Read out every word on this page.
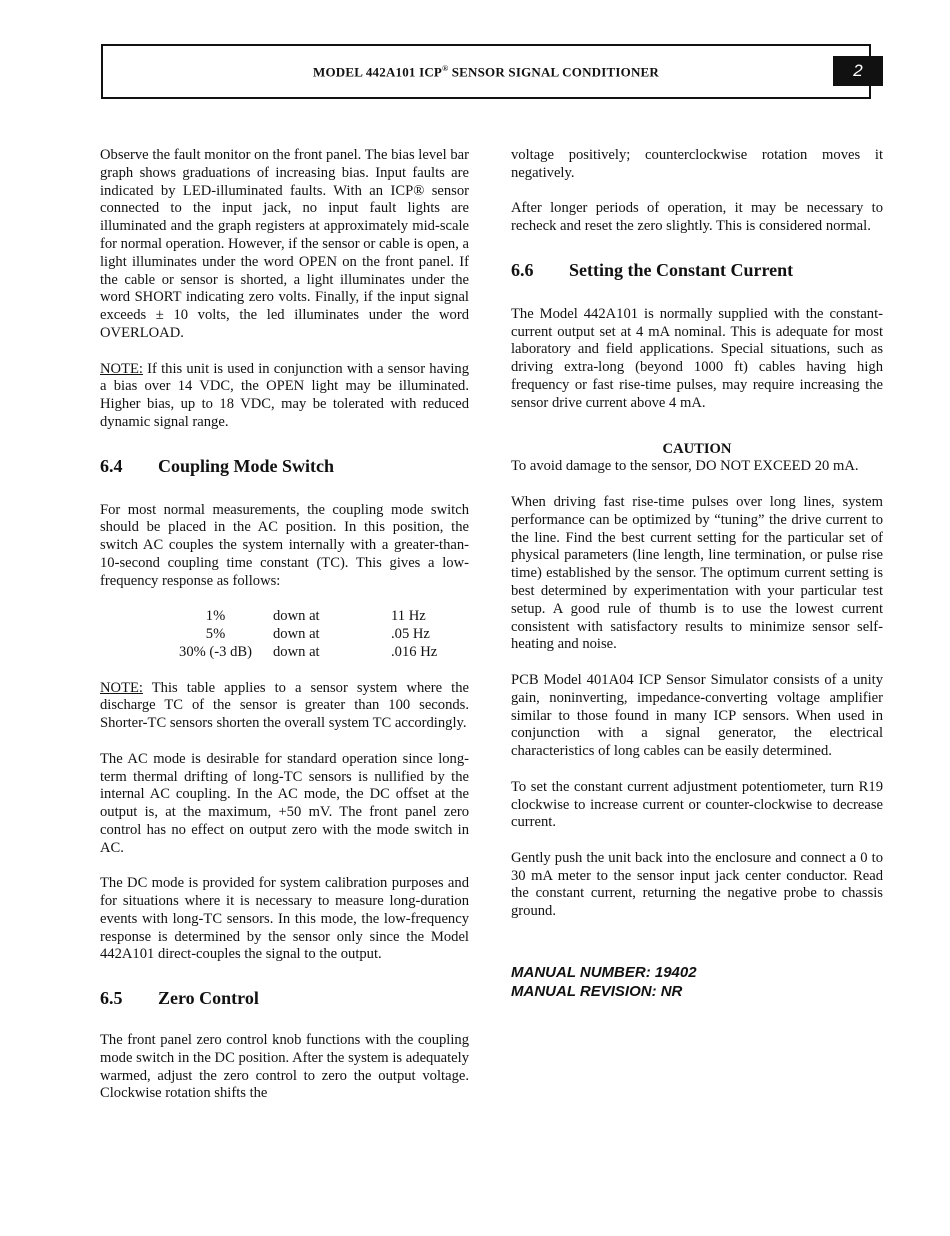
MODEL 442A101 ICP® SENSOR SIGNAL CONDITIONER	2

Observe the fault monitor on the front panel. The bias level bar graph shows graduations of increasing bias. Input faults are indicated by LED-illuminated faults. With an ICP® sensor connected to the input jack, no input fault lights are illuminated and the graph registers at approximately mid-scale for normal operation. However, if the sensor or cable is open, a light illuminates under the word OPEN on the front panel. If the cable or sensor is shorted, a light illuminates under the word SHORT indicating zero volts. Finally, if the input signal exceeds ± 10 volts, the led illuminates under the word OVERLOAD.

NOTE: If this unit is used in conjunction with a sensor having a bias over 14 VDC, the OPEN light may be illuminated. Higher bias, up to 18 VDC, may be tolerated with reduced dynamic signal range.

6.4	Coupling Mode Switch

For most normal measurements, the coupling mode switch should be placed in the AC position. In this position, the switch AC couples the system internally with a greater-than-10-second coupling time constant (TC). This gives a low-frequency response as follows:

1%	down at	11 Hz
5%	down at	.05 Hz
30% (-3 dB)	down at	.016 Hz

NOTE: This table applies to a sensor system where the discharge TC of the sensor is greater than 100 seconds. Shorter-TC sensors shorten the overall system TC accordingly.

The AC mode is desirable for standard operation since long-term thermal drifting of long-TC sensors is nullified by the internal AC coupling. In the AC mode, the DC offset at the output is, at the maximum, +50 mV. The front panel zero control has no effect on output zero with the mode switch in AC.

The DC mode is provided for system calibration purposes and for situations where it is necessary to measure long-duration events with long-TC sensors. In this mode, the low-frequency response is determined by the sensor only since the Model 442A101 direct-couples the signal to the output.

6.5	Zero Control

The front panel zero control knob functions with the coupling mode switch in the DC position. After the system is adequately warmed, adjust the zero control to zero the output voltage. Clockwise rotation shifts the

voltage positively; counterclockwise rotation moves it negatively.

After longer periods of operation, it may be necessary to recheck and reset the zero slightly. This is considered normal.

6.6	Setting the Constant Current

The Model 442A101 is normally supplied with the constant-current output set at 4 mA nominal. This is adequate for most laboratory and field applications. Special situations, such as driving extra-long (beyond 1000 ft) cables having high frequency or fast rise-time pulses, may require increasing the sensor drive current above 4 mA.

CAUTION

To avoid damage to the sensor, DO NOT EXCEED 20 mA.

When driving fast rise-time pulses over long lines, system performance can be optimized by “tuning” the drive current to the line. Find the best current setting for the particular set of physical parameters (line length, line termination, or pulse rise time) established by the sensor. The optimum current setting is best determined by experimentation with your particular test setup. A good rule of thumb is to use the lowest current consistent with satisfactory results to minimize sensor self-heating and noise.

PCB Model 401A04 ICP Sensor Simulator consists of a unity gain, noninverting, impedance-converting voltage amplifier similar to those found in many ICP sensors. When used in conjunction with a signal generator, the electrical characteristics of long cables can be easily determined.

To set the constant current adjustment potentiometer, turn R19 clockwise to increase current or counter-clockwise to decrease current.

Gently push the unit back into the enclosure and connect a 0 to 30 mA meter to the sensor input jack center conductor. Read the constant current, returning the negative probe to chassis ground.

MANUAL NUMBER: 19402
MANUAL REVISION: NR
